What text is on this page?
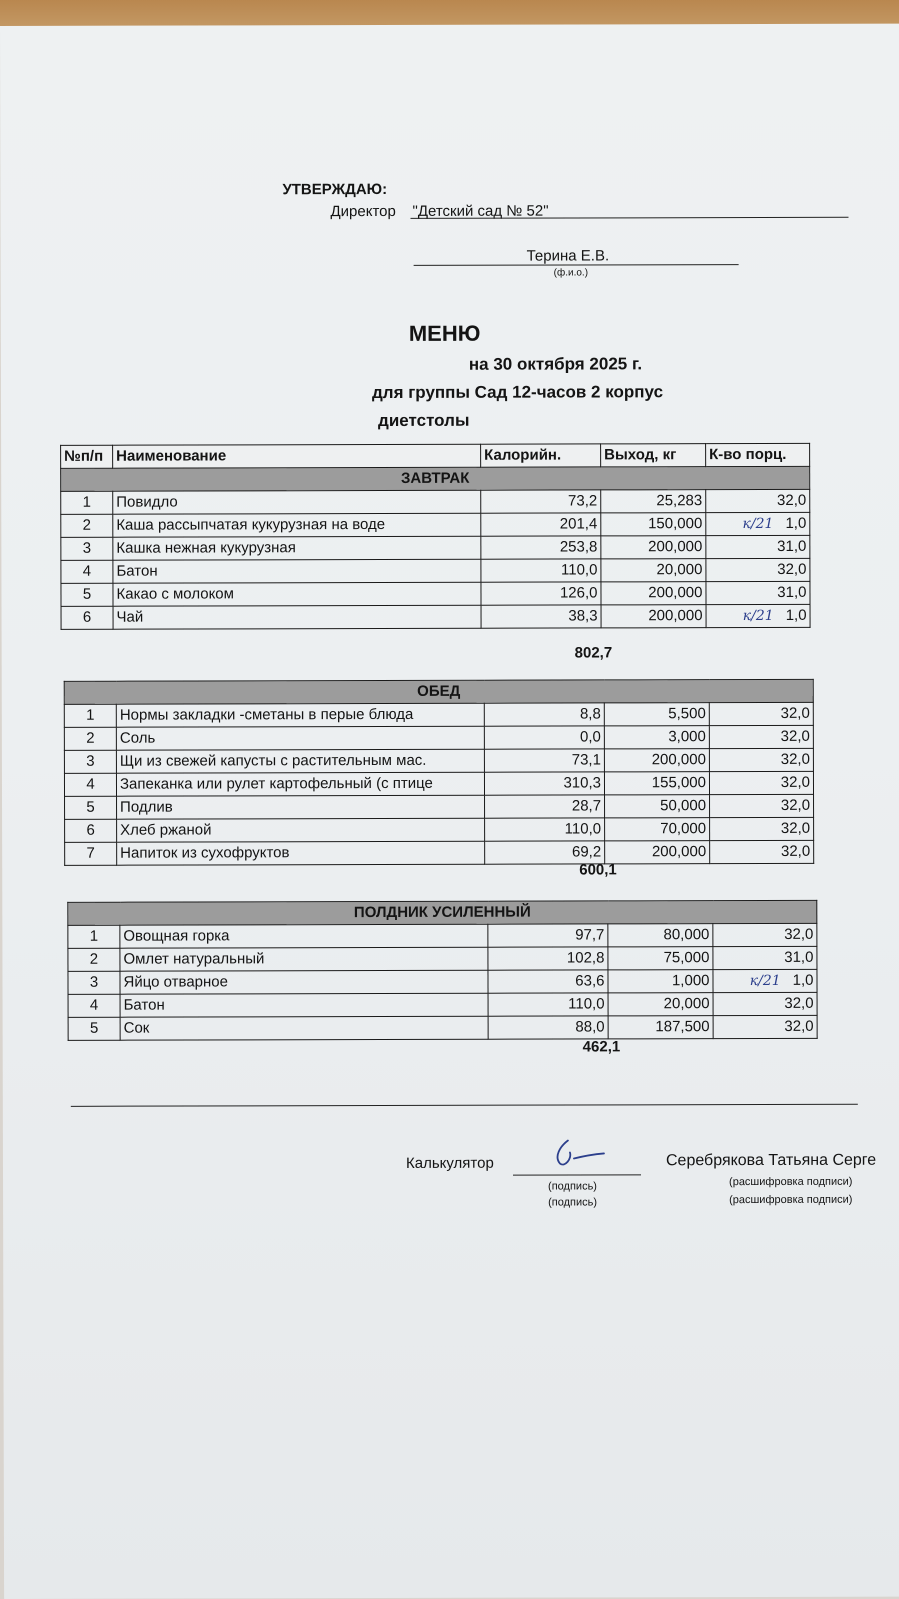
УТВЕРЖДАЮ:
Директор "Детский сад № 52"
Терина Е.В.
(ф.и.о.)
МЕНЮ
на 30 октября 2025 г.
для группы Сад 12-часов 2 корпус
диетстолы
№п/п	Наименование	Калорийн.	Выход, кг	К-во порц.
ЗАВТРАК				
1	Повидло	73,2	25,283	32,0
2	Каша рассыпчатая кукурузная на воде	201,4	150,000	к/21 1,0
3	Кашка нежная кукурузная	253,8	200,000	31,0
4	Батон	110,0	20,000	32,0
5	Какао с молоком	126,0	200,000	31,0
6	Чай	38,3	200,000	к/21 1,0
802,7
ОБЕД				
1	Нормы закладки -сметаны в перые блюда	8,8	5,500	32,0
2	Соль	0,0	3,000	32,0
3	Щи из свежей капусты с растительным мас.	73,1	200,000	32,0
4	Запеканка или рулет картофельный (с птице	310,3	155,000	32,0
5	Подлив	28,7	50,000	32,0
6	Хлеб ржаной	110,0	70,000	32,0
7	Напиток из сухофруктов	69,2	200,000	32,0
600,1
ПОЛДНИК УСИЛЕННЫЙ				
1	Овощная горка	97,7	80,000	32,0
2	Омлет натуральный	102,8	75,000	31,0
3	Яйцо отварное	63,6	1,000	к/21 1,0
4	Батон	110,0	20,000	32,0
5	Сок	88,0	187,500	32,0
462,1
Калькулятор
(подпись)
(подпись)
Серебрякова Татьяна Серге
(расшифровка подписи)
(расшифровка подписи)
